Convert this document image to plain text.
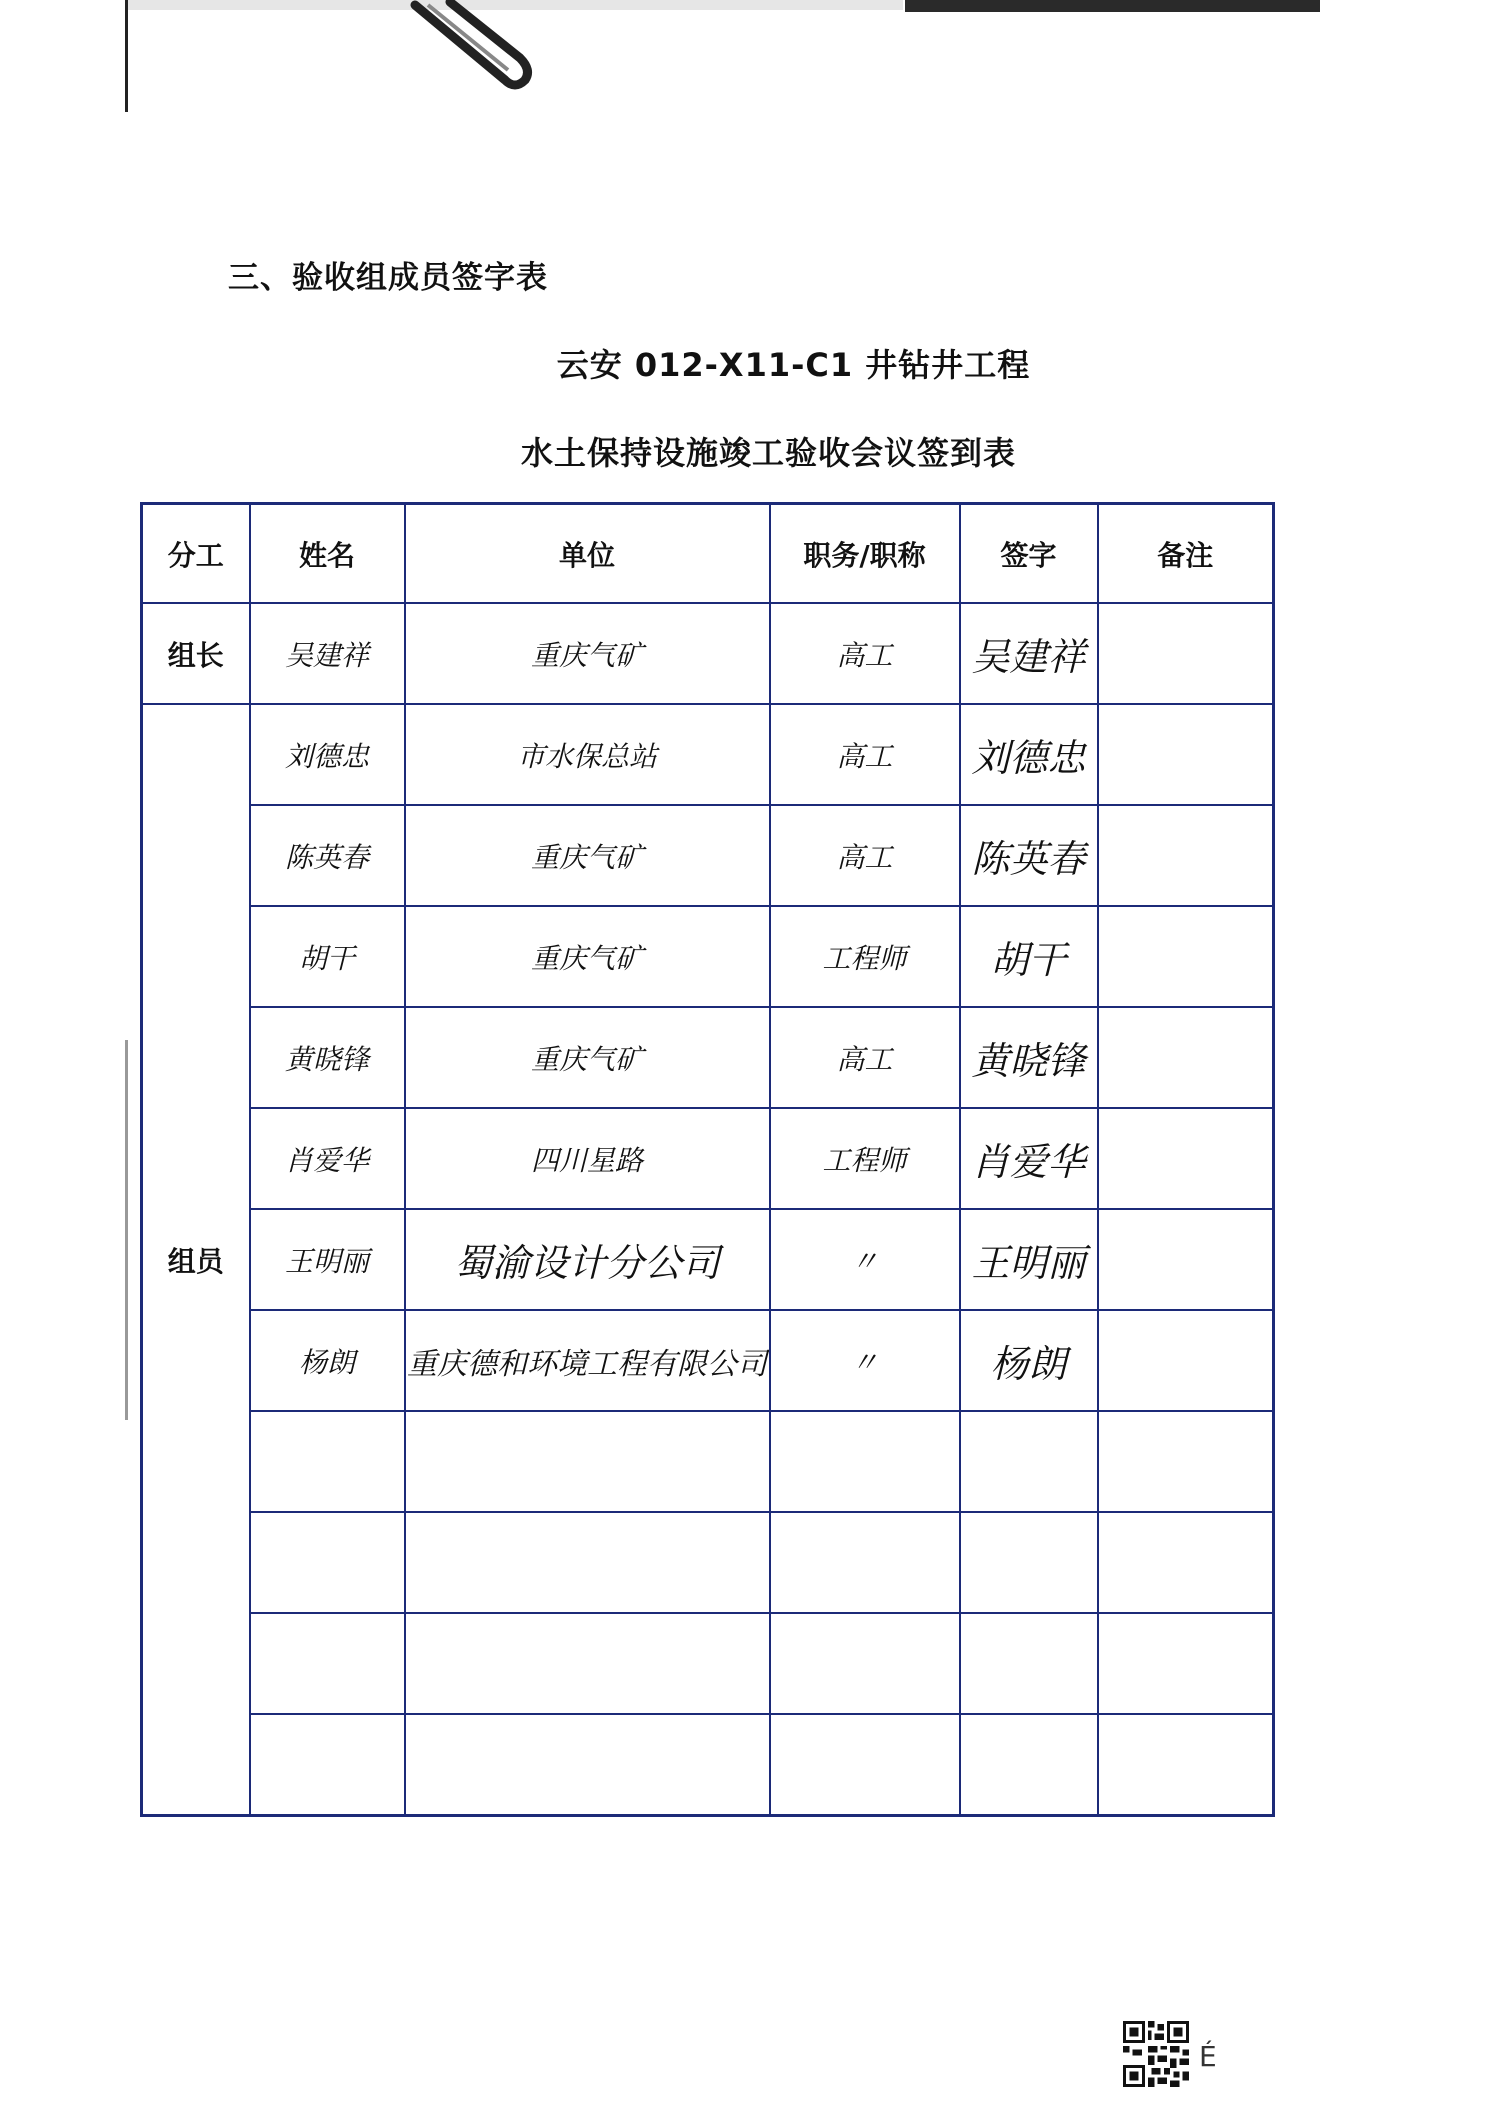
三、验收组成员签字表
云安 012-X11-C1 井钻井工程
水土保持设施竣工验收会议签到表
分工	姓名	单位	职务/职称	签字	备注
组长	吴建祥	重庆气矿	高工	吴建祥	
组员	刘德忠	市水保总站	高工	刘德忠	
	陈英春	重庆气矿	高工	陈英春	
	胡干	重庆气矿	工程师	胡干	
	黄晓锋	重庆气矿	高工	黄晓锋	
	肖爱华	四川星路	工程师	肖爱华	
	王明丽	蜀渝设计分公司	〃	王明丽	
	杨朗	重庆德和环境工程有限公司	〃	杨朗	

É
